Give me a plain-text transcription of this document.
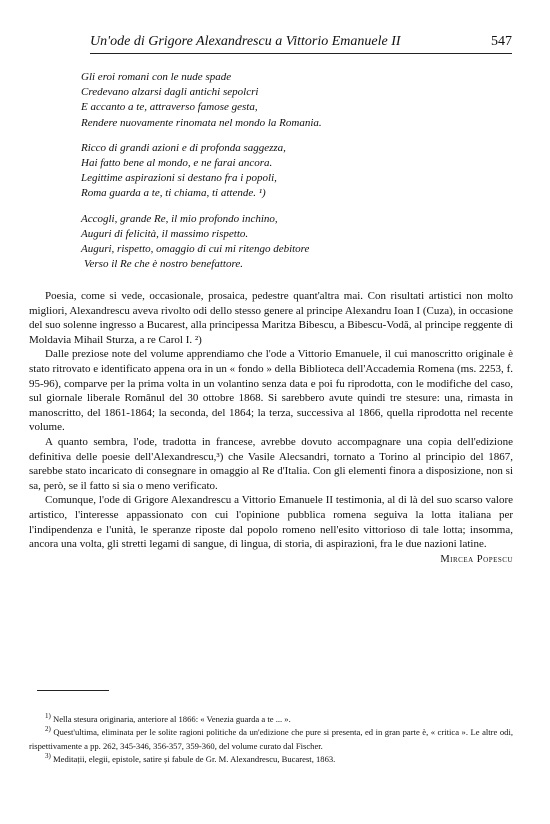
Un'ode di Grigore Alexandrescu a Vittorio Emanuele II	547
Gli eroi romani con le nude spade
Credevano alzarsi dagli antichi sepolcri
E accanto a te, attraverso famose gesta,
Rendere nuovamente rinomata nel mondo la Romania.
Ricco di grandi azioni e di profonda saggezza,
Hai fatto bene al mondo, e ne farai ancora.
Legittime aspirazioni si destano fra i popoli,
Roma guarda a te, ti chiama, ti attende. ¹)
Accogli, grande Re, il mio profondo inchino,
Auguri di felicità, il massimo rispetto.
Auguri, rispetto, omaggio di cui mi ritengo debitore
Verso il Re che è nostro benefattore.

Poesia, come si vede, occasionale, prosaica, pedestre quant'altra mai. Con risultati artistici non molto migliori, Alexandrescu aveva rivolto odi dello stesso genere al principe Alexandru Ioan I (Cuza), in occasione del suo solenne ingresso a Bucarest, alla principessa Maritza Bibescu, a Bibescu-Vodă, al principe reggente di Moldavia Mihail Sturza, a re Carol I. ²)

Dalle preziose note del volume apprendiamo che l'ode a Vittorio Emanuele, il cui manoscritto originale è stato ritrovato e identificato appena ora in un « fondo » della Biblioteca dell'Accademia Romena (ms. 2253, f. 95-96), comparve per la prima volta in un volantino senza data e poi fu riprodotta, con le modifiche del caso, sul giornale liberale Românul del 30 ottobre 1868. Si sarebbero avute quindi tre stesure: una, rimasta in manoscritto, del 1861-1864; la seconda, del 1864; la terza, successiva al 1866, quella riprodotta nel recente volume.

A quanto sembra, l'ode, tradotta in francese, avrebbe dovuto accompagnare una copia dell'edizione definitiva delle poesie dell'Alexandrescu,³) che Vasile Alecsandri, tornato a Torino al principio del 1867, sarebbe stato incaricato di consegnare in omaggio al Re d'Italia. Con gli elementi finora a disposizione, non si sa, però, se il fatto si sia o meno verificato.

Comunque, l'ode di Grigore Alexandrescu a Vittorio Emanuele II testimonia, al di là del suo scarso valore artistico, l'interesse appassionato con cui l'opinione pubblica romena seguiva la lotta italiana per l'indipendenza e l'unità, le speranze riposte dal popolo romeno nell'esito vittorioso di tale lotta; insomma, ancora una volta, gli stretti legami di sangue, di lingua, di storia, di aspirazioni, fra le due nazioni latine.

Mircea Popescu

$^{1)}$ Nella stesura originaria, anteriore al 1866: « Venezia guarda a te ... ».

$^{2)}$ Quest'ultima, eliminata per le solite ragioni politiche da un'edizione che pure si presenta, ed in gran parte è, « critica ». Le altre odi, rispettivamente a pp. 262, 345-346, 356-357, 359-360, del volume curato dal Fischer.

$^{3)}$ Meditații, elegii, epistole, satire și fabule de Gr. M. Alexandrescu, Bucarest, 1863.
